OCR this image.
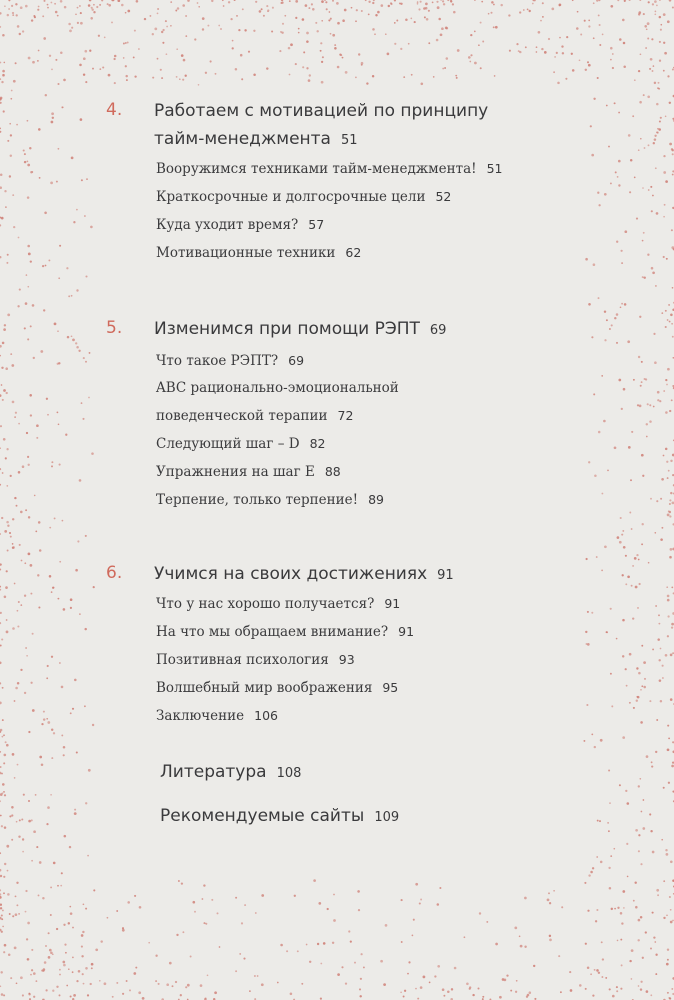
4. Работаем с мотивацией по принципу
тайм-менеджмента 51
Вооружимся техниками тайм-менеджмента! 51
Краткосрочные и долгосрочные цели 52
Куда уходит время? 57
Мотивационные техники 62
5. Изменимся при помощи РЭПТ 69
Что такое РЭПТ? 69
ABC рационально-эмоциональной
поведенческой терапии 72
Следующий шаг – D 82
Упражнения на шаг E 88
Терпение, только терпение! 89
6. Учимся на своих достижениях 91
Что у нас хорошо получается? 91
На что мы обращаем внимание? 91
Позитивная психология 93
Волшебный мир воображения 95
Заключение 106
Литература 108
Рекомендуемые сайты 109
